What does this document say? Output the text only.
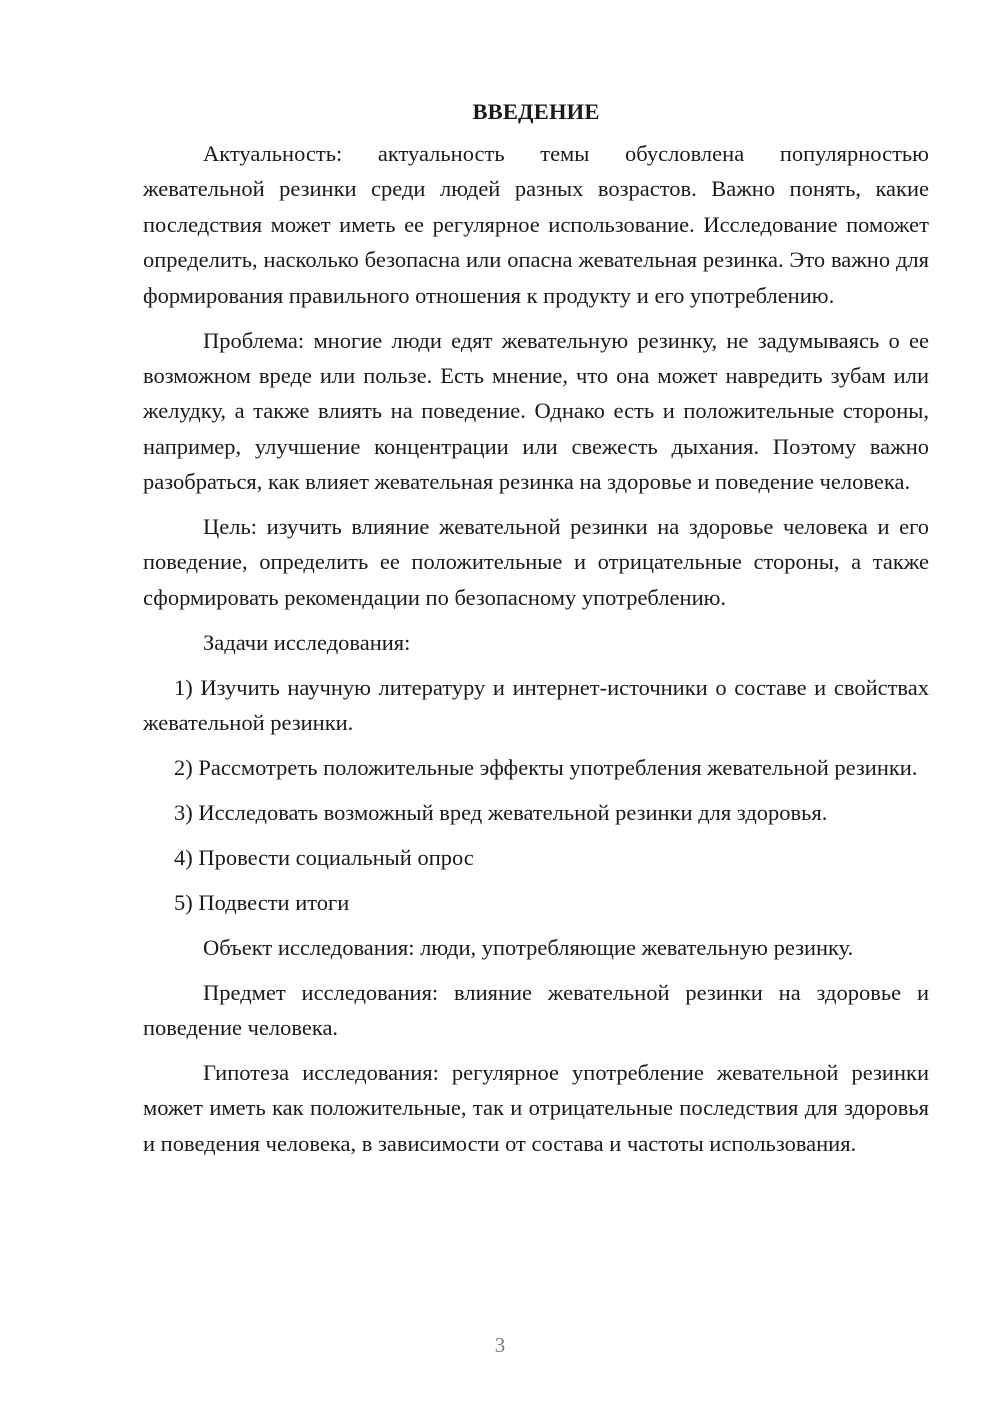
ВВЕДЕНИЕ

Актуальность: актуальность темы обусловлена популярностью жевательной резинки среди людей разных возрастов. Важно понять, какие последствия может иметь ее регулярное использование. Исследование поможет определить, насколько безопасна или опасна жевательная резинка. Это важно для формирования правильного отношения к продукту и его употреблению.

Проблема: многие люди едят жевательную резинку, не задумываясь о ее возможном вреде или пользе. Есть мнение, что она может навредить зубам или желудку, а также влиять на поведение. Однако есть и положительные стороны, например, улучшение концентрации или свежесть дыхания. Поэтому важно разобраться, как влияет жевательная резинка на здоровье и поведение человека.

Цель: изучить влияние жевательной резинки на здоровье человека и его поведение, определить ее положительные и отрицательные стороны, а также сформировать рекомендации по безопасному употреблению.

Задачи исследования:

1) Изучить научную литературу и интернет-источники о составе и свойствах жевательной резинки.

2) Рассмотреть положительные эффекты употребления жевательной резинки.

3) Исследовать возможный вред жевательной резинки для здоровья.

4) Провести социальный опрос

5) Подвести итоги

Объект исследования: люди, употребляющие жевательную резинку.

Предмет исследования: влияние жевательной резинки на здоровье и поведение человека.

Гипотеза исследования: регулярное употребление жевательной резинки может иметь как положительные, так и отрицательные последствия для здоровья и поведения человека, в зависимости от состава и частоты использования.

3
